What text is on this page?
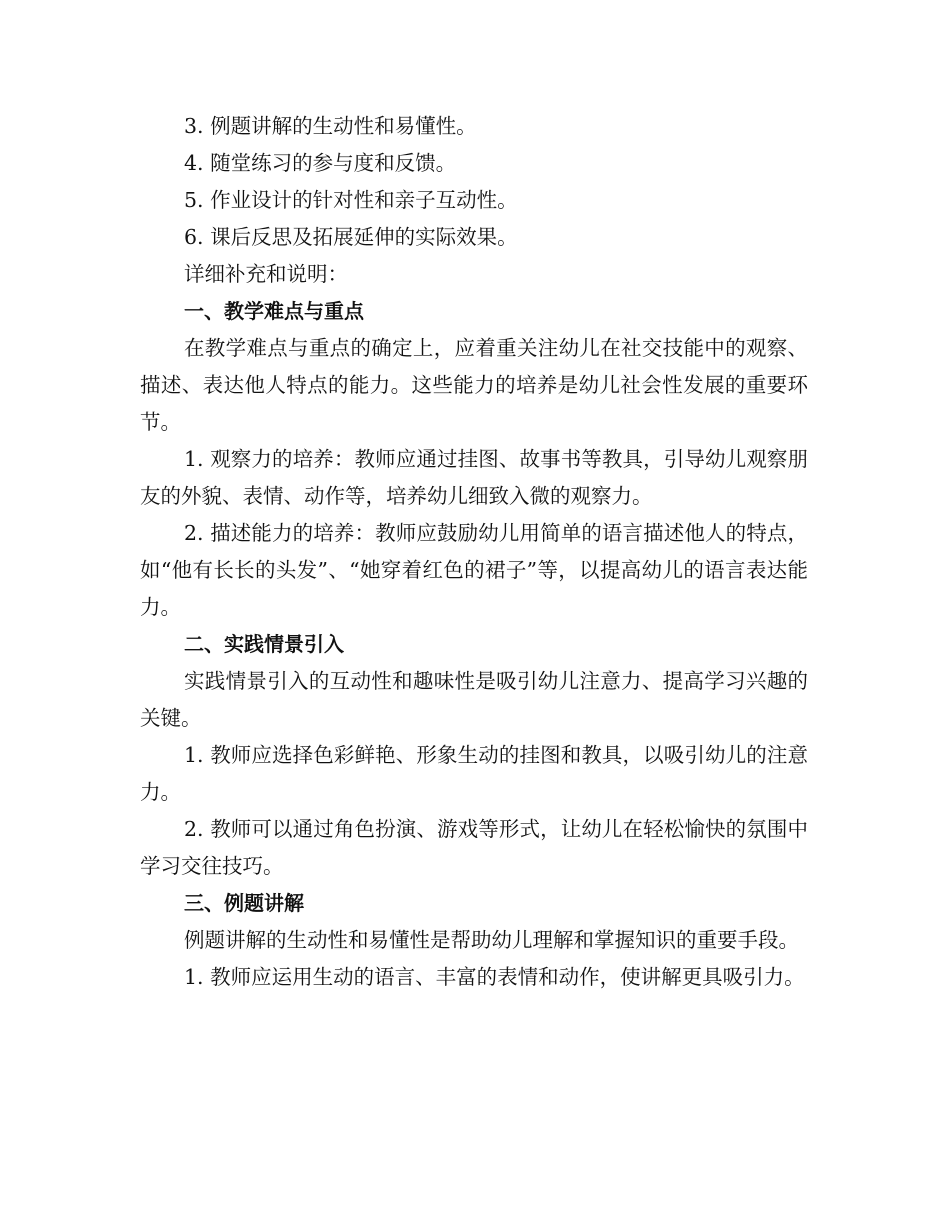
3. 例题讲解的生动性和易懂性。

4. 随堂练习的参与度和反馈。

5. 作业设计的针对性和亲子互动性。

6. 课后反思及拓展延伸的实际效果。

详细补充和说明：

一、教学难点与重点

在教学难点与重点的确定上，应着重关注幼儿在社交技能中的观察、描述、表达他人特点的能力。这些能力的培养是幼儿社会性发展的重要环节。

1. 观察力的培养：教师应通过挂图、故事书等教具，引导幼儿观察朋友的外貌、表情、动作等，培养幼儿细致入微的观察力。

2. 描述能力的培养：教师应鼓励幼儿用简单的语言描述他人的特点，如“他有长长的头发”、“她穿着红色的裙子”等，以提高幼儿的语言表达能力。

二、实践情景引入

实践情景引入的互动性和趣味性是吸引幼儿注意力、提高学习兴趣的关键。

1. 教师应选择色彩鲜艳、形象生动的挂图和教具，以吸引幼儿的注意力。

2. 教师可以通过角色扮演、游戏等形式，让幼儿在轻松愉快的氛围中学习交往技巧。

三、例题讲解

例题讲解的生动性和易懂性是帮助幼儿理解和掌握知识的重要手段。

1. 教师应运用生动的语言、丰富的表情和动作，使讲解更具吸引力。
